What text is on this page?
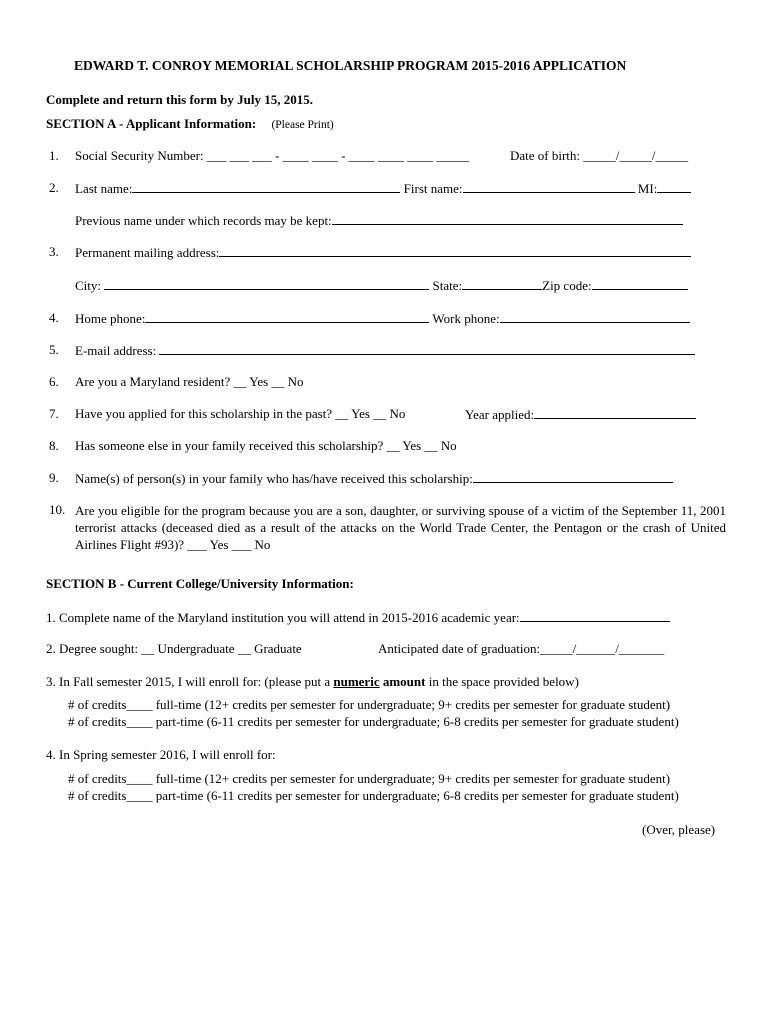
EDWARD T. CONROY MEMORIAL SCHOLARSHIP PROGRAM 2015-2016 APPLICATION
Complete and return this form by July 15, 2015.
SECTION A - Applicant Information: (Please Print)
1. Social Security Number: ___ ___ ___ - ____ ____ - ____ ____ ____ _____	Date of birth: _____/_____/_____
2. Last name:	First name:	MI:
Previous name under which records may be kept:
3. Permanent mailing address:
City:	State:	Zip code:
4. Home phone:	Work phone:
5. E-mail address:
6. Are you a Maryland resident? __ Yes __ No
7. Have you applied for this scholarship in the past? __ Yes __ No	Year applied:
8. Has someone else in your family received this scholarship? __ Yes __ No
9. Name(s) of person(s) in your family who has/have received this scholarship:
10. Are you eligible for the program because you are a son, daughter, or surviving spouse of a victim of the September 11, 2001 terrorist attacks (deceased died as a result of the attacks on the World Trade Center, the Pentagon or the crash of United Airlines Flight #93)? ___ Yes ___ No
SECTION B - Current College/University Information:
1. Complete name of the Maryland institution you will attend in 2015-2016 academic year:
2. Degree sought: __ Undergraduate __ Graduate	Anticipated date of graduation:_____/______/_______
3. In Fall semester 2015, I will enroll for: (please put a numeric amount in the space provided below)
# of credits____ full-time (12+ credits per semester for undergraduate; 9+ credits per semester for graduate student)
# of credits____ part-time (6-11 credits per semester for undergraduate; 6-8 credits per semester for graduate student)
4. In Spring semester 2016, I will enroll for:
# of credits____ full-time (12+ credits per semester for undergraduate; 9+ credits per semester for graduate student)
# of credits____ part-time (6-11 credits per semester for undergraduate; 6-8 credits per semester for graduate student)
(Over, please)
